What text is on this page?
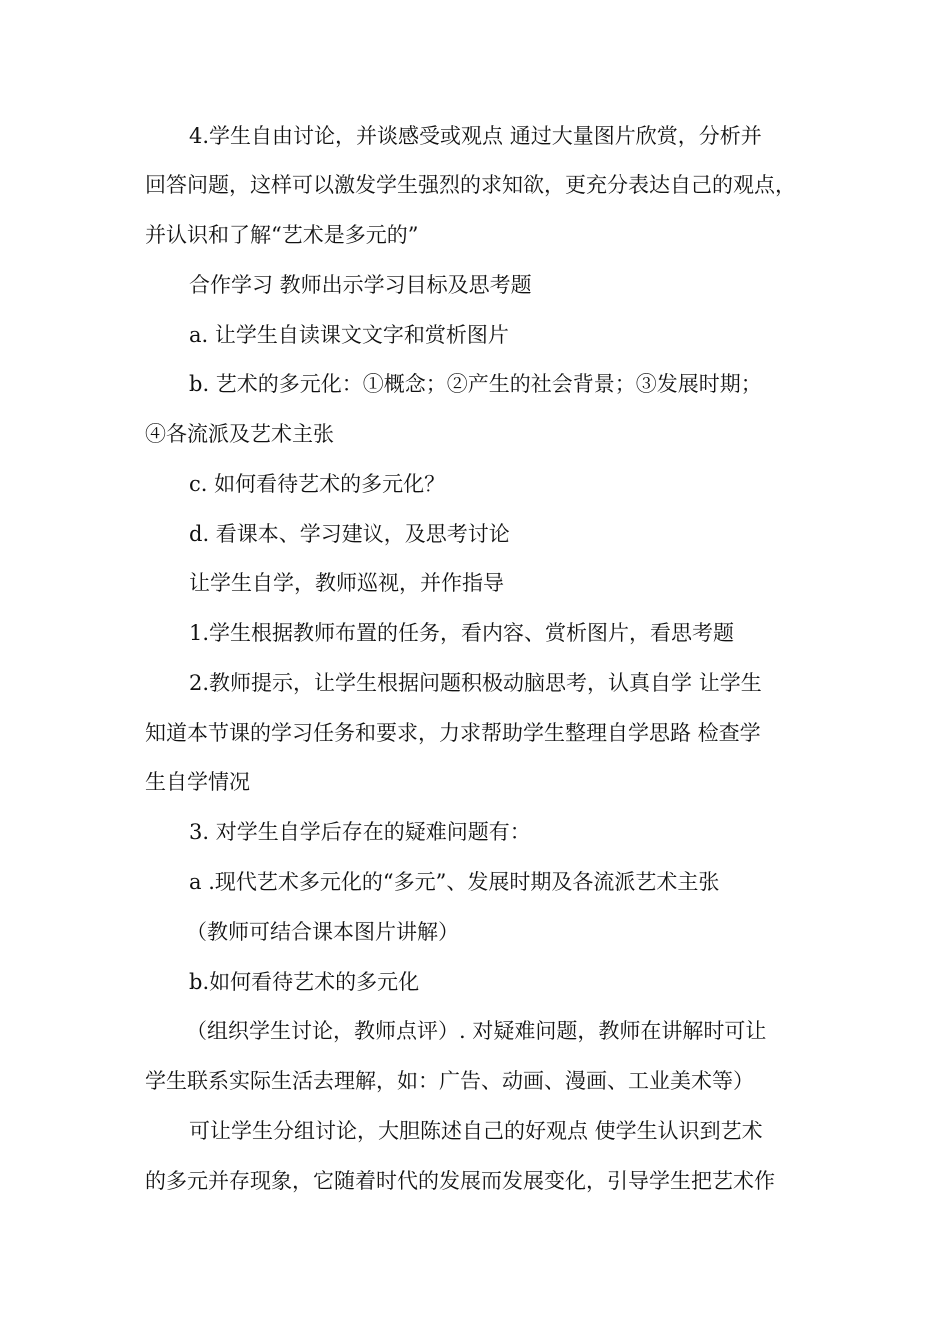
4.学生自由讨论，并谈感受或观点 通过大量图片欣赏，分析并
回答问题，这样可以激发学生强烈的求知欲，更充分表达自己的观点，
并认识和了解“艺术是多元的”
合作学习 教师出示学习目标及思考题
a. 让学生自读课文文字和赏析图片
b. 艺术的多元化：①概念；②产生的社会背景；③发展时期；
④各流派及艺术主张
c. 如何看待艺术的多元化？
d. 看课本、学习建议，及思考讨论
让学生自学，教师巡视，并作指导
1.学生根据教师布置的任务，看内容、赏析图片，看思考题
2.教师提示，让学生根据问题积极动脑思考，认真自学 让学生
知道本节课的学习任务和要求，力求帮助学生整理自学思路 检查学
生自学情况
3. 对学生自学后存在的疑难问题有：
a .现代艺术多元化的“多元”、发展时期及各流派艺术主张
（教师可结合课本图片讲解）
b.如何看待艺术的多元化
（组织学生讨论，教师点评）. 对疑难问题，教师在讲解时可让
学生联系实际生活去理解，如：广告、动画、漫画、工业美术等）
可让学生分组讨论，大胆陈述自己的好观点 使学生认识到艺术
的多元并存现象，它随着时代的发展而发展变化，引导学生把艺术作
